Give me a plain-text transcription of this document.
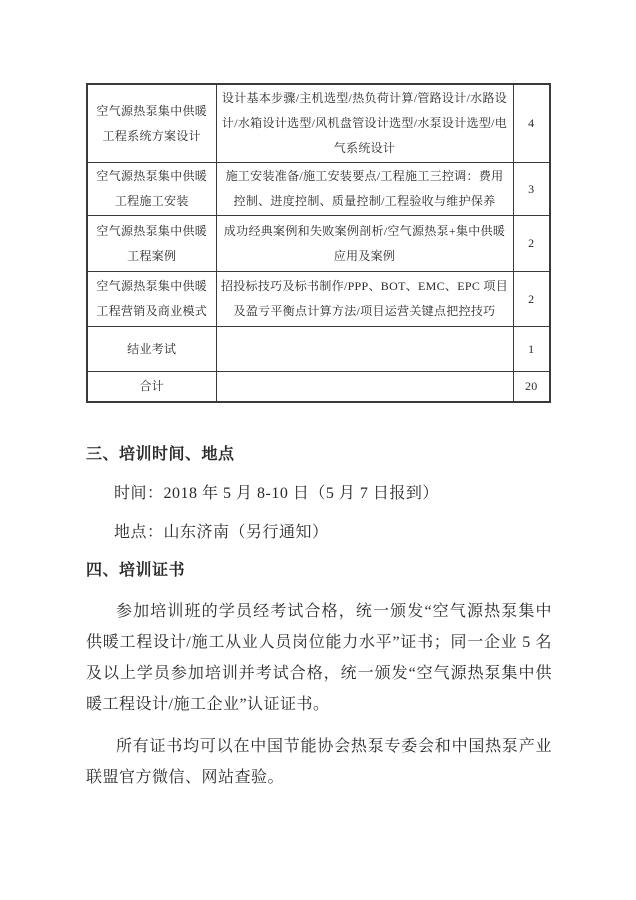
空气源热泵集中供暖工程系统方案设计	设计基本步骤/主机选型/热负荷计算/管路设计/水路设计/水箱设计选型/风机盘管设计选型/水泵设计选型/电气系统设计	4
空气源热泵集中供暖工程施工安装	施工安装准备/施工安装要点/工程施工三控调：费用控制、进度控制、质量控制/工程验收与维护保养	3
空气源热泵集中供暖工程案例	成功经典案例和失败案例剖析/空气源热泵+集中供暖应用及案例	2
空气源热泵集中供暖工程营销及商业模式	招投标技巧及标书制作/PPP、BOT、EMC、EPC 项目及盈亏平衡点计算方法/项目运营关键点把控技巧	2
结业考试		1
合计		20
三、培训时间、地点
时间：2018 年 5 月 8-10 日（5 月 7 日报到）
地点：山东济南（另行通知）
四、培训证书

参加培训班的学员经考试合格，统一颁发“空气源热泵集中供暖工程设计/施工从业人员岗位能力水平”证书；同一企业 5 名及以上学员参加培训并考试合格，统一颁发“空气源热泵集中供暖工程设计/施工企业”认证证书。

所有证书均可以在中国节能协会热泵专委会和中国热泵产业联盟官方微信、网站查验。
